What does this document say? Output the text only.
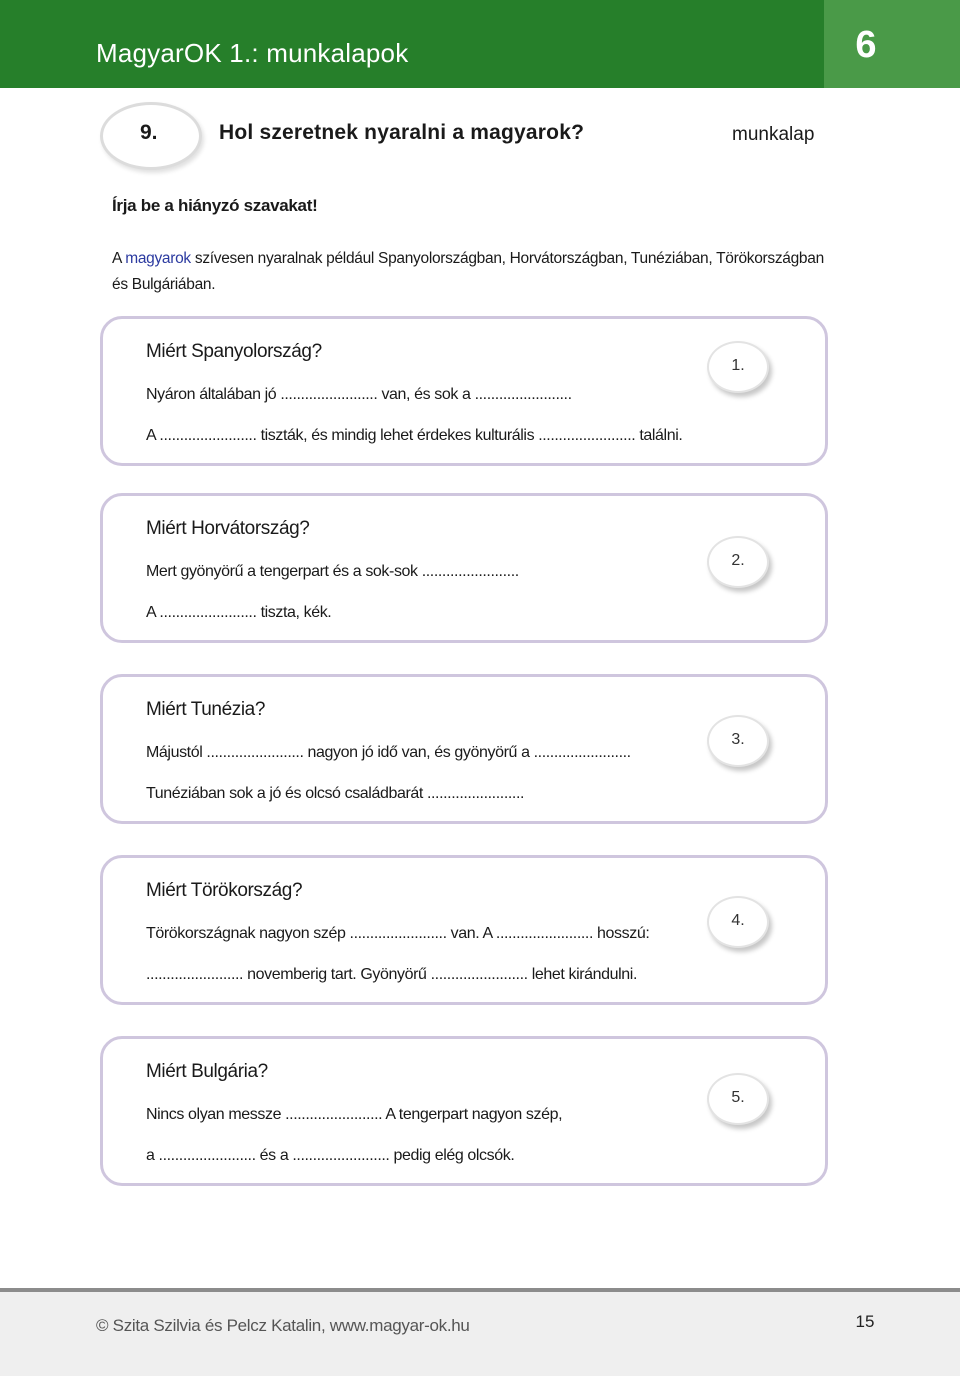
MagyarOK 1.: munkalapok	6
9.	Hol szeretnek nyaralni a magyarok?	munkalap
Írja be a hiányzó szavakat!
A magyarok szívesen nyaralnak például Spanyolországban, Horvátországban, Tunéziában, Törökországban és Bulgáriában.
Miért Spanyolország?
Nyáron általában jó ........................ van, és sok a ........................
A ........................ tiszták, és mindig lehet érdekes kulturális ........................ találni.
1.
Miért Horvátország?
Mert gyönyörű a tengerpart és a sok-sok ........................
A ........................ tiszta, kék.
2.
Miért Tunézia?
Májustól ........................ nagyon jó idő van, és gyönyörű a ........................
Tunéziában sok a jó és olcsó családbarát ........................
3.
Miért Törökország?
Törökországnak nagyon szép ........................ van. A ........................ hosszú:
........................ novemberig tart. Gyönyörű ........................ lehet kirándulni.
4.
Miért Bulgária?
Nincs olyan messze ........................ A tengerpart nagyon szép,
a ........................ és a ........................ pedig elég olcsók.
5.
© Szita Szilvia és Pelcz Katalin, www.magyar-ok.hu	15
